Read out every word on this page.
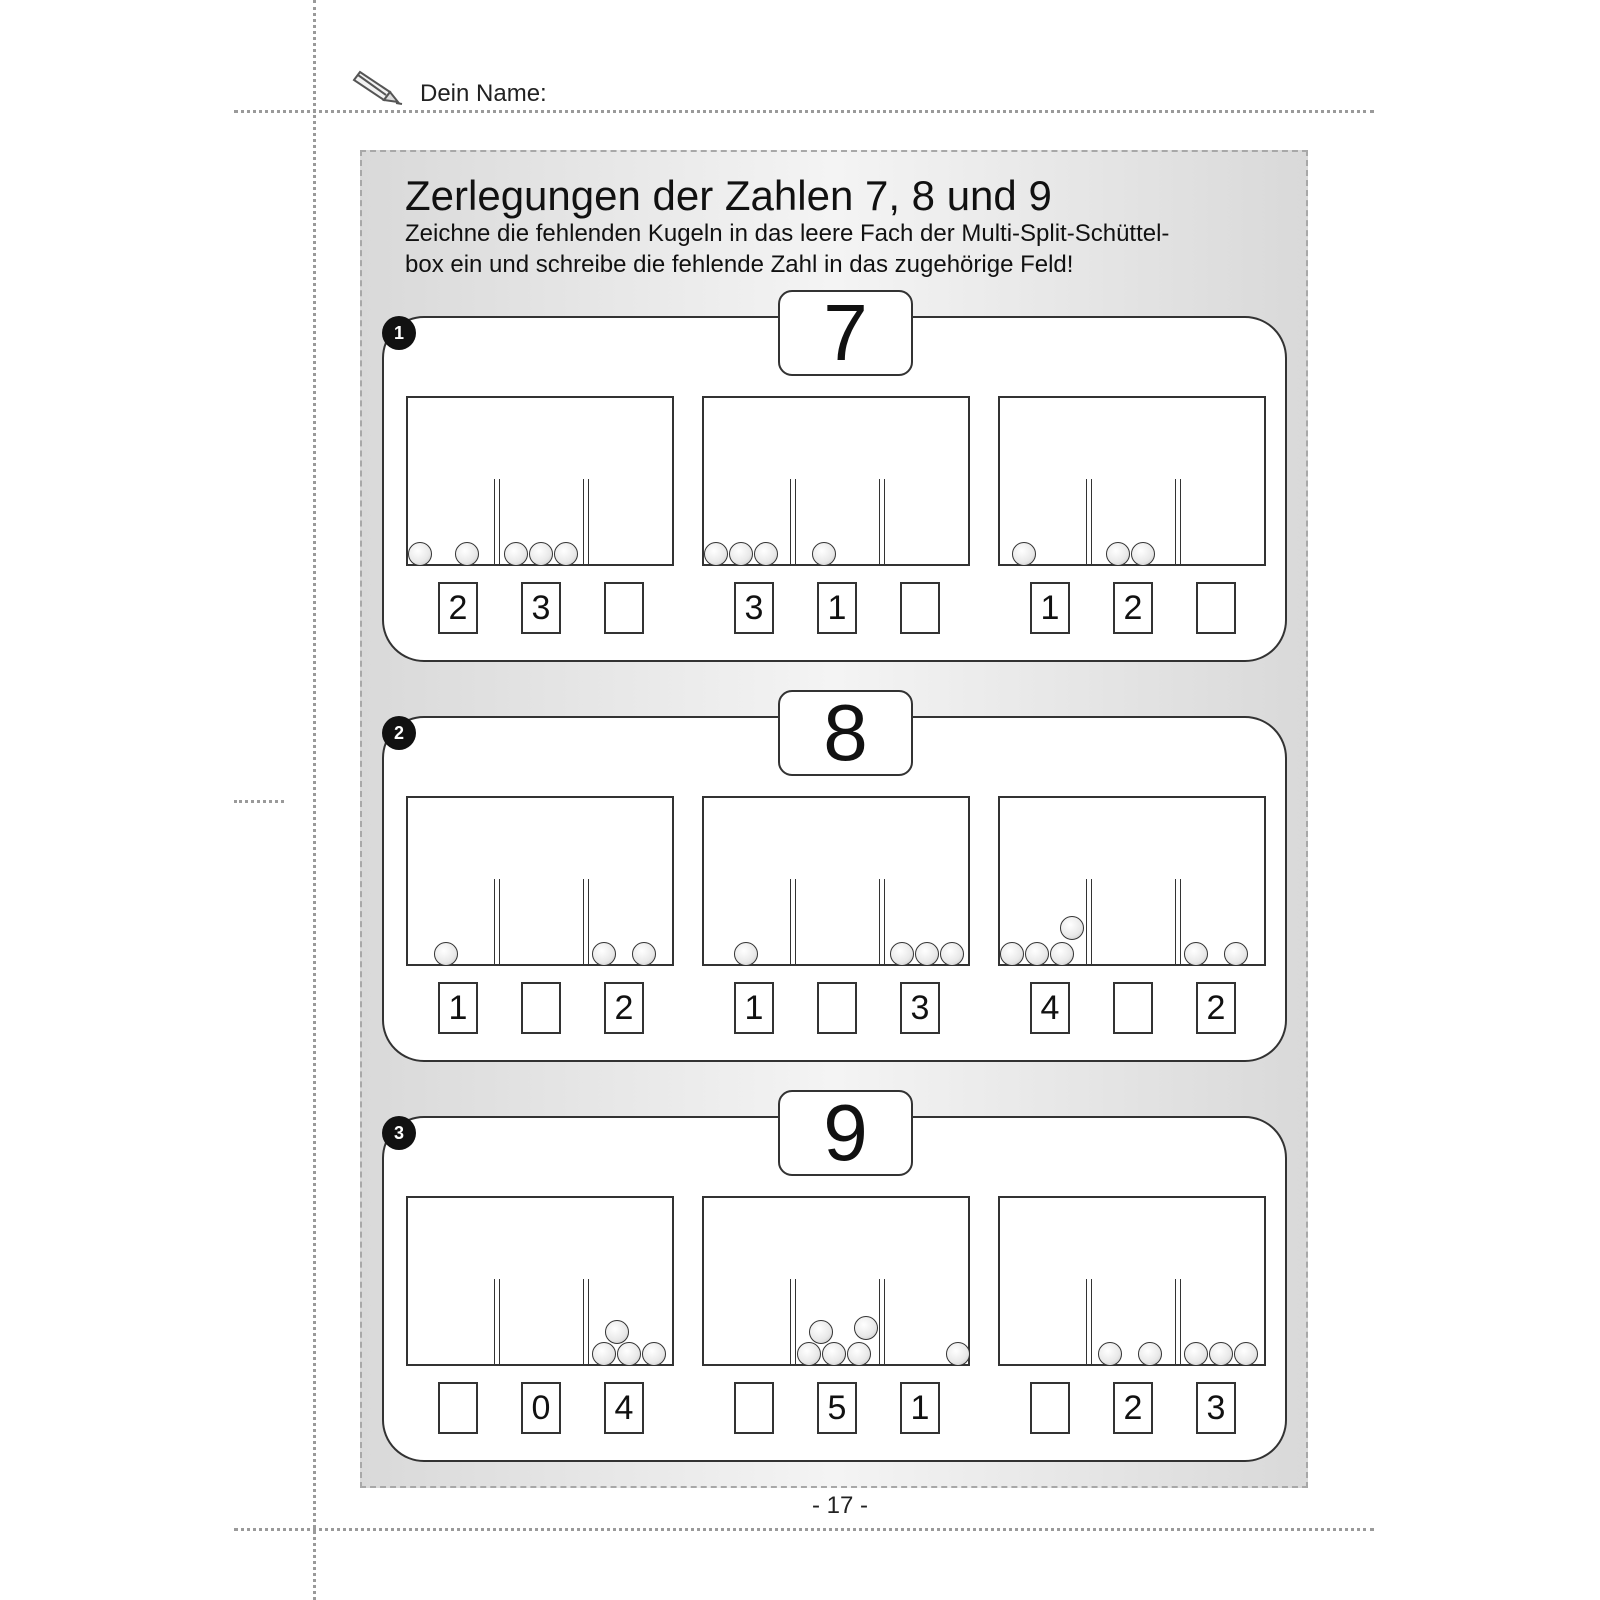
Dein Name:
Zerlegungen der Zahlen 7, 8 und 9
Zeichne die fehlenden Kugeln in das leere Fach der Multi-Split-Schüttel-
box ein und schreibe die fehlende Zahl in das zugehörige Feld!
1	7
2	3	3	1	1	2
2	8
1	2	1	3	4	2
3	9
0	4	5	1	2	3
- 17 -
